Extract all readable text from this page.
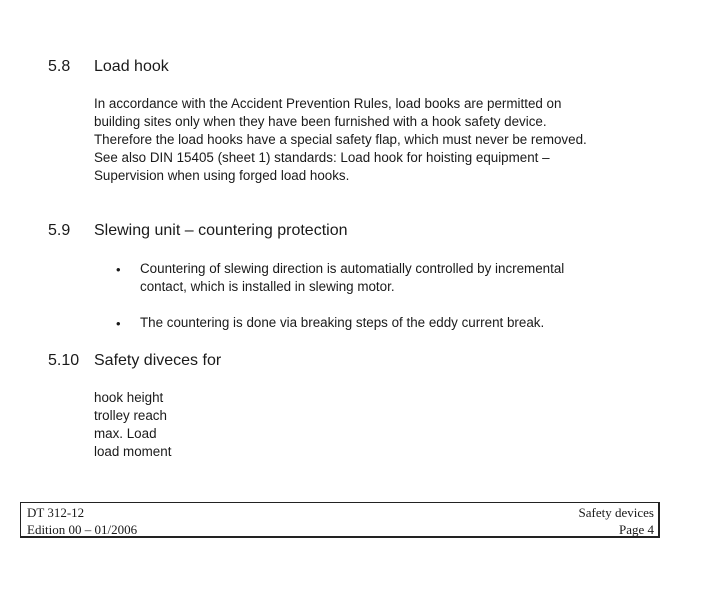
5.8 Load hook
In accordance with the Accident Prevention Rules, load books are permitted on
building sites only when they have been furnished with a hook safety device.
Therefore the load hooks have a special safety flap, which must never be removed.
See also DIN 15405 (sheet 1) standards: Load hook for hoisting equipment –
Supervision when using forged load hooks.
5.9 Slewing unit – countering protection
• Countering of slewing direction is automatially controlled by incremental
contact, which is installed in slewing motor.
• The countering is done via breaking steps of the eddy current break.
5.10 Safety diveces for
hook height
trolley reach
max. Load
load moment
DT 312-12
Edition 00 – 01/2006
Safety devices
Page 4
